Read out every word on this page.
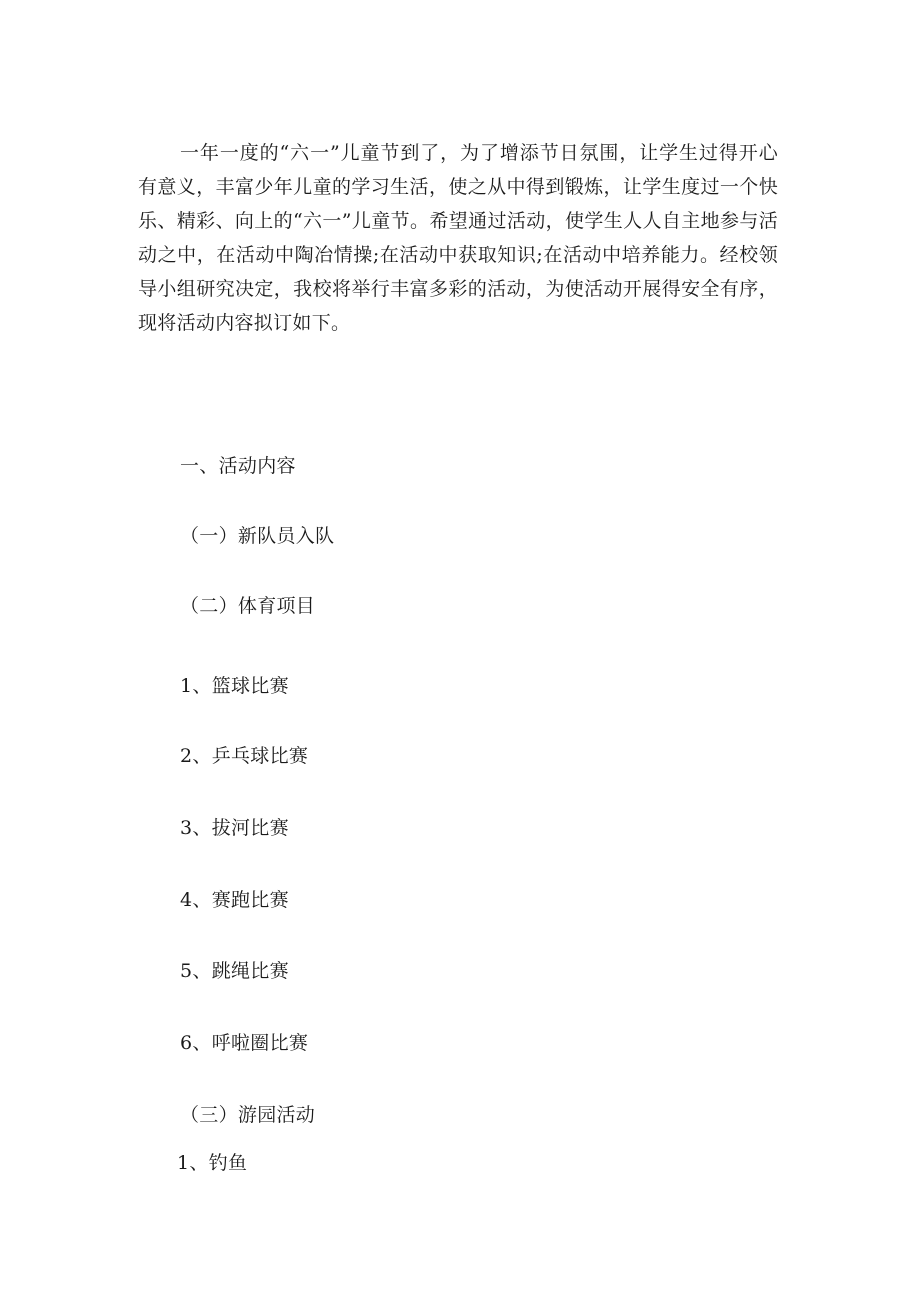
一年一度的“六一”儿童节到了，为了增添节日氛围，让学生过得开心有意义，丰富少年儿童的学习生活，使之从中得到锻炼，让学生度过一个快乐、精彩、向上的“六一”儿童节。希望通过活动，使学生人人自主地参与活动之中，在活动中陶冶情操;在活动中获取知识;在活动中培养能力。经校领导小组研究决定，我校将举行丰富多彩的活动，为使活动开展得安全有序，现将活动内容拟订如下。

一、活动内容

（一）新队员入队

（二）体育项目

1、篮球比赛

2、乒乓球比赛

3、拔河比赛

4、赛跑比赛

5、跳绳比赛

6、呼啦圈比赛

（三）游园活动

1、钓鱼
